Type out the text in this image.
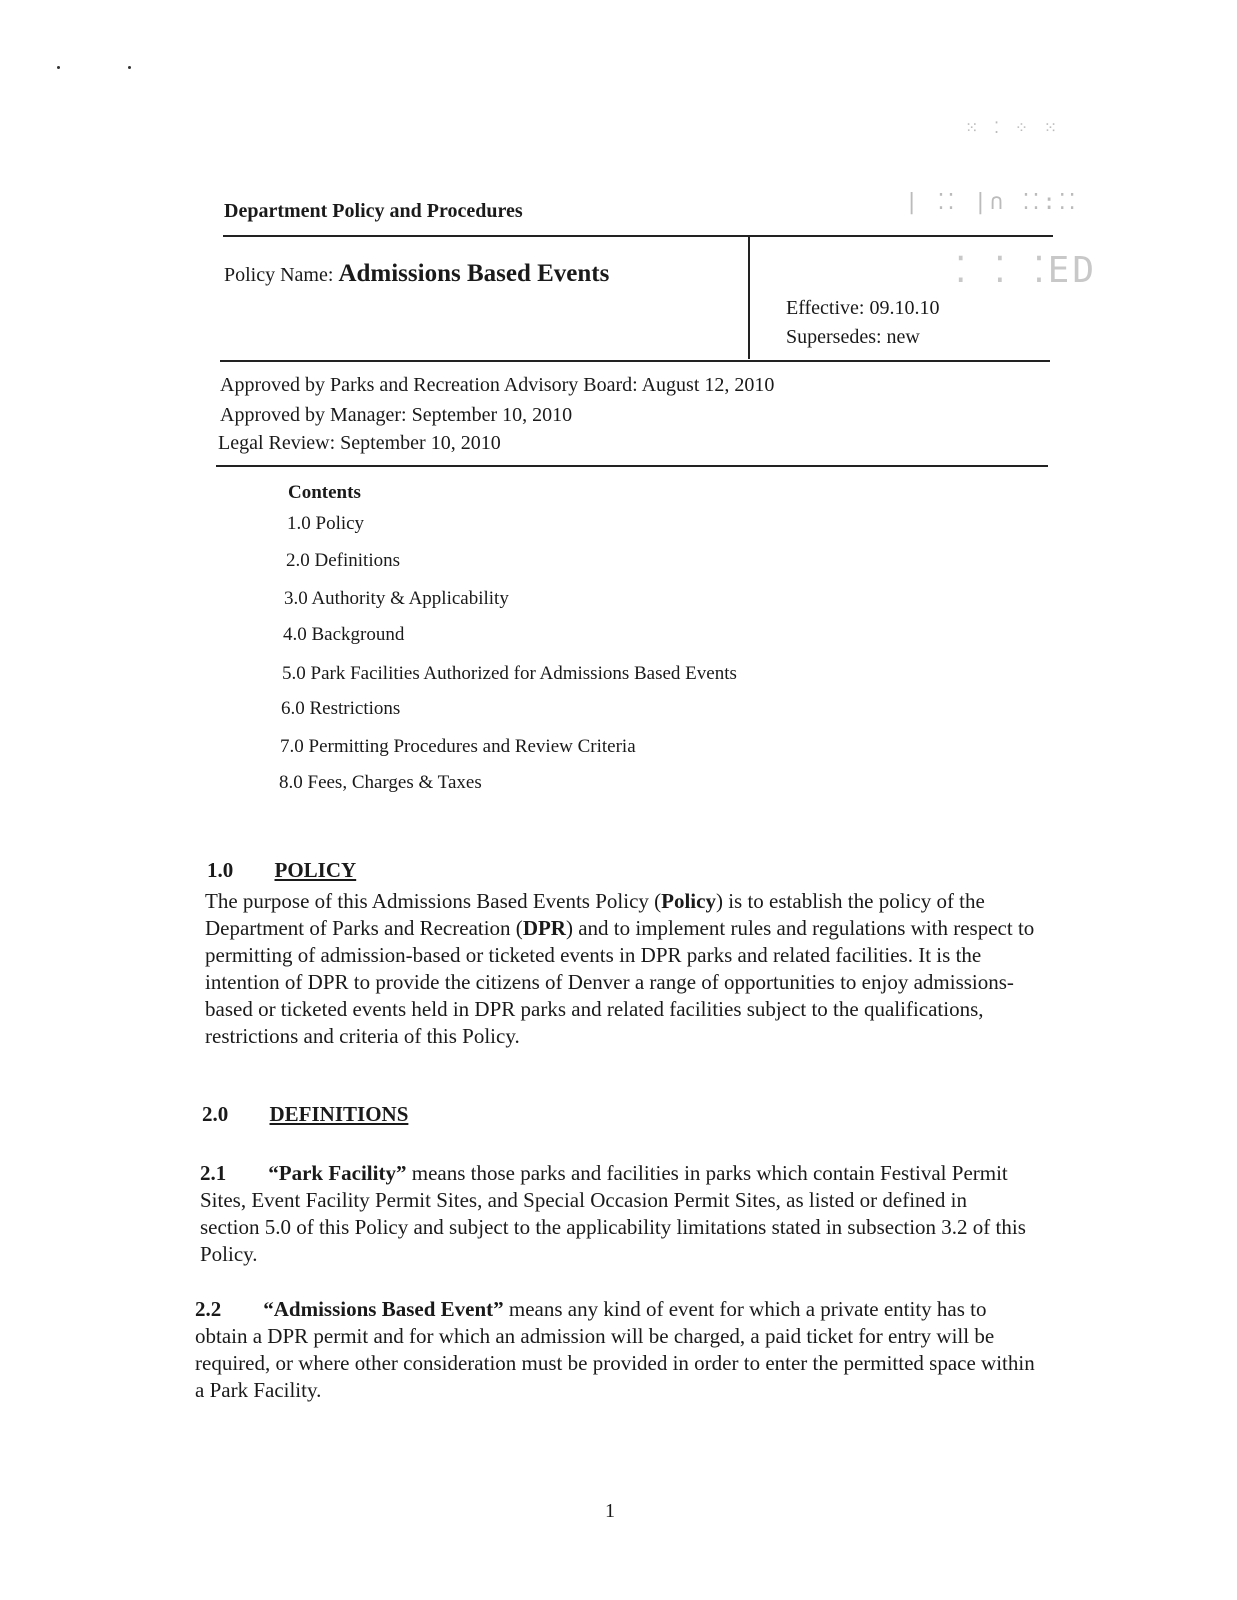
⁙ ⁚ ⁘ ⁙
| ⁚⁚ |∩ ⁚⁚:⁚⁚
⁚ ⁚ ⁚ED
Department Policy and Procedures
Policy Name: Admissions Based Events
Effective: 09.10.10
Supersedes: new
Approved by Parks and Recreation Advisory Board: August 12, 2010
Approved by Manager: September 10, 2010
Legal Review: September 10, 2010
Contents
1.0 Policy
2.0 Definitions
3.0 Authority & Applicability
4.0 Background
5.0 Park Facilities Authorized for Admissions Based Events
6.0 Restrictions
7.0 Permitting Procedures and Review Criteria
8.0 Fees, Charges & Taxes
1.0 POLICY
The purpose of this Admissions Based Events Policy (Policy) is to establish the policy of the Department of Parks and Recreation (DPR) and to implement rules and regulations with respect to permitting of admission-based or ticketed events in DPR parks and related facilities. It is the intention of DPR to provide the citizens of Denver a range of opportunities to enjoy admissions-based or ticketed events held in DPR parks and related facilities subject to the qualifications, restrictions and criteria of this Policy.
2.0 DEFINITIONS
2.1 “Park Facility” means those parks and facilities in parks which contain Festival Permit Sites, Event Facility Permit Sites, and Special Occasion Permit Sites, as listed or defined in section 5.0 of this Policy and subject to the applicability limitations stated in subsection 3.2 of this Policy.
2.2 “Admissions Based Event” means any kind of event for which a private entity has to obtain a DPR permit and for which an admission will be charged, a paid ticket for entry will be required, or where other consideration must be provided in order to enter the permitted space within a Park Facility.
1
